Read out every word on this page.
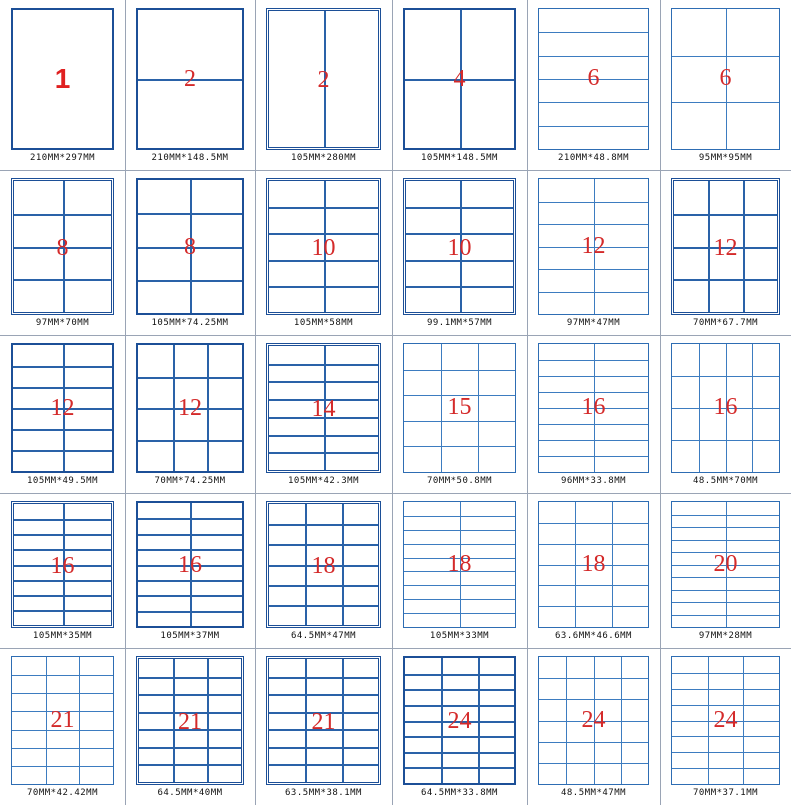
1
210MM*297MM
2
210MM*148.5MM
2
105MM*280MM
4
105MM*148.5MM
6
210MM*48.8MM
6
95MM*95MM
8
97MM*70MM
8
105MM*74.25MM
10
105MM*58MM
10
99.1MM*57MM
12
97MM*47MM
12
70MM*67.7MM
12
105MM*49.5MM
12
70MM*74.25MM
14
105MM*42.3MM
15
70MM*50.8MM
16
96MM*33.8MM
16
48.5MM*70MM
16
105MM*35MM
16
105MM*37MM
18
64.5MM*47MM
18
105MM*33MM
18
63.6MM*46.6MM
20
97MM*28MM
21
70MM*42.42MM
21
64.5MM*40MM
21
63.5MM*38.1MM
24
64.5MM*33.8MM
24
48.5MM*47MM
24
70MM*37.1MM
